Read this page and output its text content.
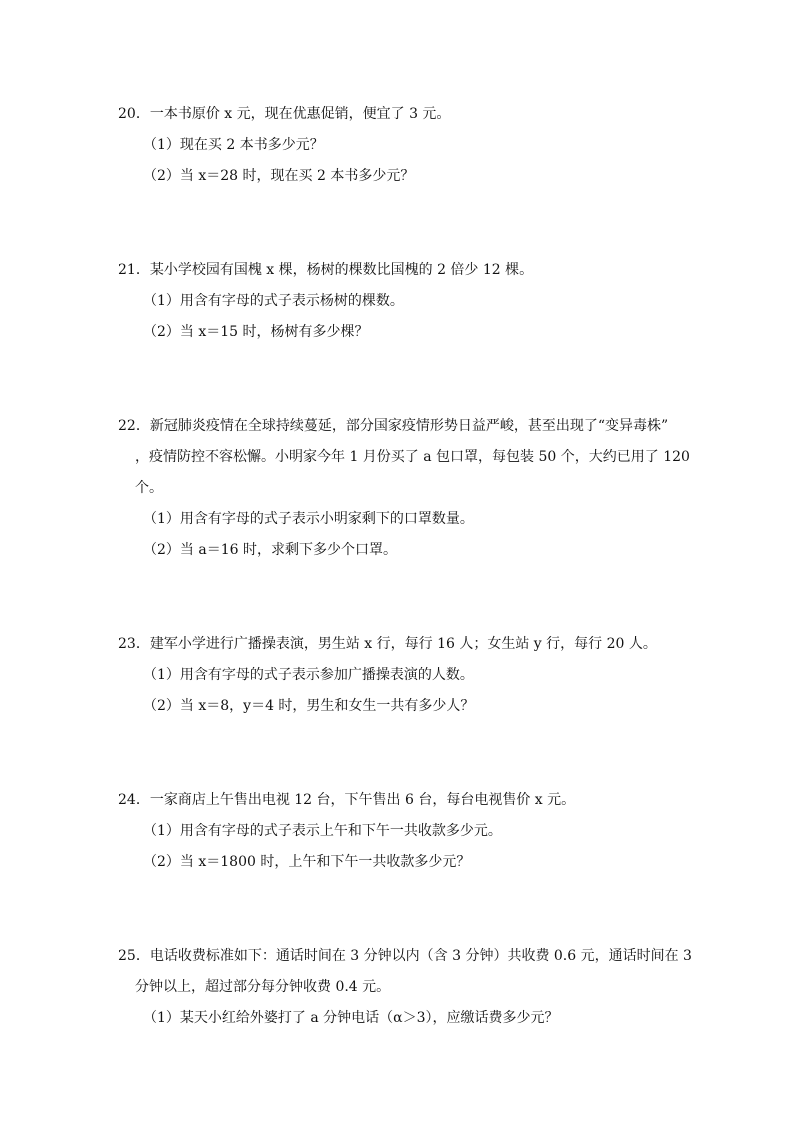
20．一本书原价 x 元，现在优惠促销，便宜了 3 元。
（1）现在买 2 本书多少元？
（2）当 x＝28 时，现在买 2 本书多少元？
21．某小学校园有国槐 x 棵，杨树的棵数比国槐的 2 倍少 12 棵。
（1）用含有字母的式子表示杨树的棵数。
（2）当 x＝15 时，杨树有多少棵？
22．新冠肺炎疫情在全球持续蔓延，部分国家疫情形势日益严峻，甚至出现了“变异毒株”
，疫情防控不容松懈。小明家今年 1 月份买了 a 包口罩，每包装 50 个，大约已用了 120
个。
（1）用含有字母的式子表示小明家剩下的口罩数量。
（2）当 a＝16 时，求剩下多少个口罩。
23．建军小学进行广播操表演，男生站 x 行，每行 16 人；女生站 y 行，每行 20 人。
（1）用含有字母的式子表示参加广播操表演的人数。
（2）当 x＝8，y＝4 时，男生和女生一共有多少人？
24．一家商店上午售出电视 12 台，下午售出 6 台，每台电视售价 x 元。
（1）用含有字母的式子表示上午和下午一共收款多少元。
（2）当 x＝1800 时，上午和下午一共收款多少元？
25．电话收费标准如下：通话时间在 3 分钟以内（含 3 分钟）共收费 0.6 元，通话时间在 3
分钟以上，超过部分每分钟收费 0.4 元。
（1）某天小红给外婆打了 a 分钟电话（α＞3），应缴话费多少元？
